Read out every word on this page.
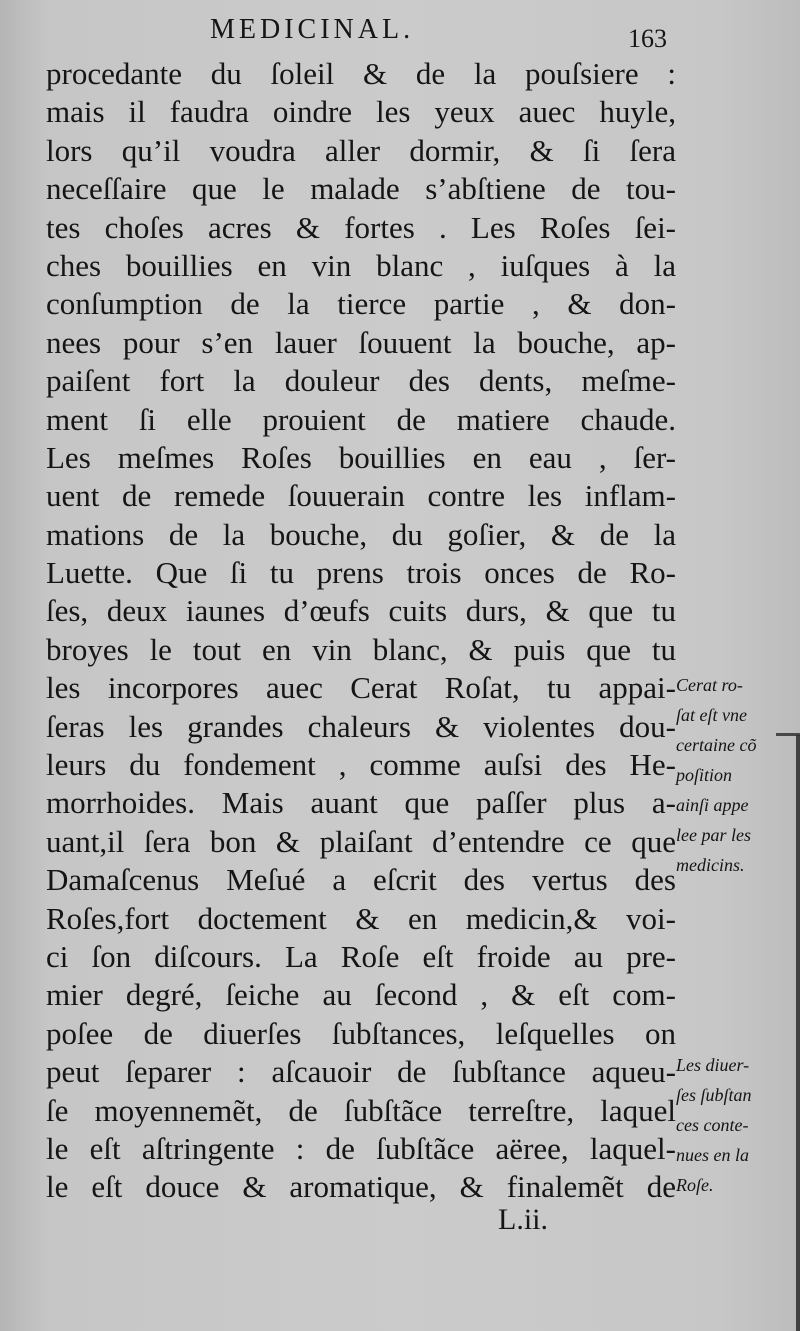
MEDICINAL.	163
procedante du ſoleil & de la pouſsiere :
mais il faudra oindre les yeux auec huyle,
lors qu’il voudra aller dormir, & ſi ſera
neceſſaire que le malade s’abſtiene de tou-
tes choſes acres & fortes . Les Roſes ſei-
ches bouillies en vin blanc , iuſques à la
conſumption de la tierce partie , & don-
nees pour s’en lauer ſouuent la bouche, ap-
paiſent fort la douleur des dents, meſme-
ment ſi elle prouient de matiere chaude.
Les meſmes Roſes bouillies en eau , ſer-
uent de remede ſouuerain contre les inflam-
mations de la bouche, du goſier, & de la
Luette. Que ſi tu prens trois onces de Ro-
ſes, deux iaunes d’œufs cuits durs, & que tu
broyes le tout en vin blanc, & puis que tu
les incorpores auec Cerat Roſat, tu appai-
ſeras les grandes chaleurs & violentes dou-
leurs du fondement , comme auſsi des He-
morrhoides. Mais auant que paſſer plus a-
uant,il ſera bon & plaiſant d’entendre ce que
Damaſcenus Meſué a eſcrit des vertus des
Roſes,fort doctement & en medicin,& voi-
ci ſon diſcours. La Roſe eſt froide au pre-
mier degré, ſeiche au ſecond , & eſt com-
poſee de diuerſes ſubſtances, leſquelles on
peut ſeparer : aſcauoir de ſubſtance aqueu-
ſe moyennemẽt, de ſubſtãce terreſtre, laquel
le eſt aſtringente : de ſubſtãce aëree, laquel-
le eſt douce & aromatique, & finalemẽt de
L.ii.
Cerat ro-
ſat eſt vne
certaine cõ
poſition
ainſi appe
lee par les
medicins.
Les diuer-
ſes ſubſtan
ces conte-
nues en la
Roſe.
